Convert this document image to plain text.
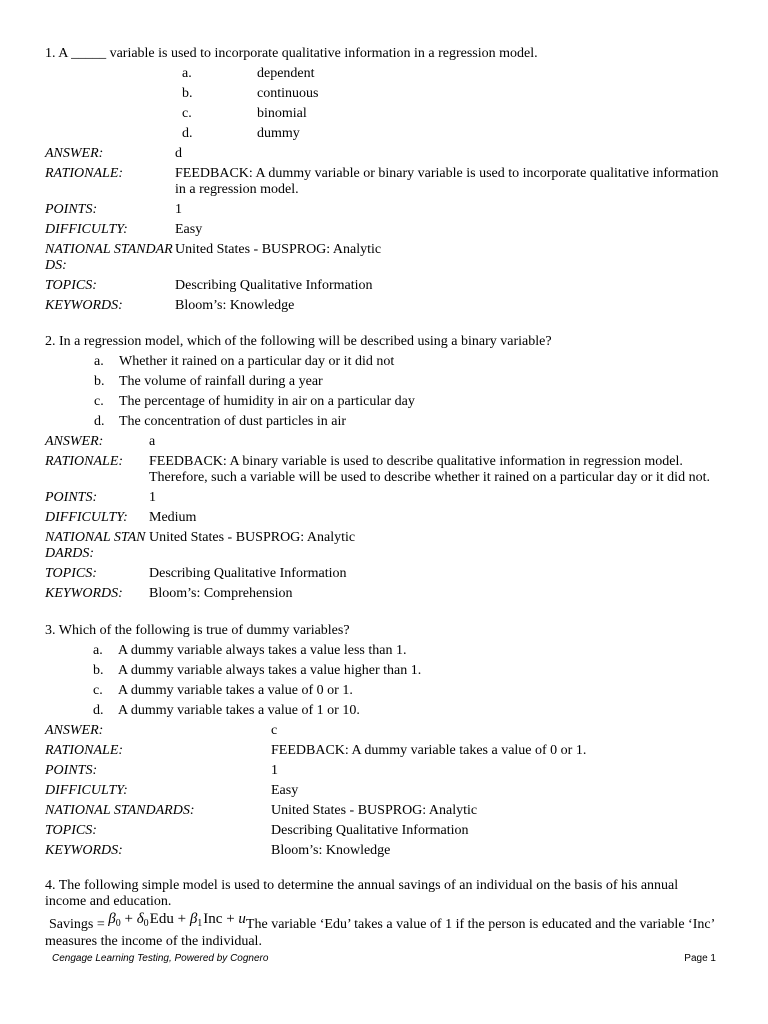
1. A _____ variable is used to incorporate qualitative information in a regression model.
a.	dependent
b.	continuous
c.	binomial
d.	dummy
ANSWER:	d
RATIONALE:	FEEDBACK: A dummy variable or binary variable is used to incorporate qualitative information in a regression model.
POINTS:	1
DIFFICULTY:	Easy
NATIONAL STANDARDS:
United States - BUSPROG: Analytic
TOPICS:	Describing Qualitative Information
KEYWORDS:	Bloom’s: Knowledge
2. In a regression model, which of the following will be described using a binary variable?
a.	Whether it rained on a particular day or it did not
b.	The volume of rainfall during a year
c.	The percentage of humidity in air on a particular day
d.	The concentration of dust particles in air
ANSWER:	a
RATIONALE:	FEEDBACK: A binary variable is used to describe qualitative information in regression model. Therefore, such a variable will be used to describe whether it rained on a particular day or it did not.
POINTS:	1
DIFFICULTY:	Medium
NATIONAL STANDARDS:
United States - BUSPROG: Analytic
TOPICS:	Describing Qualitative Information
KEYWORDS:	Bloom’s: Comprehension
3. Which of the following is true of dummy variables?
a.	A dummy variable always takes a value less than 1.
b.	A dummy variable always takes a value higher than 1.
c.	A dummy variable takes a value of 0 or 1.
d.	A dummy variable takes a value of 1 or 10.
ANSWER:	c
RATIONALE:	FEEDBACK: A dummy variable takes a value of 0 or 1.
POINTS:	1
DIFFICULTY:	Easy
NATIONAL STANDARDS:	United States - BUSPROG: Analytic
TOPICS:	Describing Qualitative Information
KEYWORDS:	Bloom’s: Knowledge
4. The following simple model is used to determine the annual savings of an individual on the basis of his annual income and education.

Savings = $\beta_0 + \delta_0Edu + \beta_1Inc$ + uThe variable ‘Edu’ takes a value of 1 if the person is educated and the variable ‘Inc’ measures the income of the individual.

Cengage Learning Testing, Powered by Cognero	Page 1
